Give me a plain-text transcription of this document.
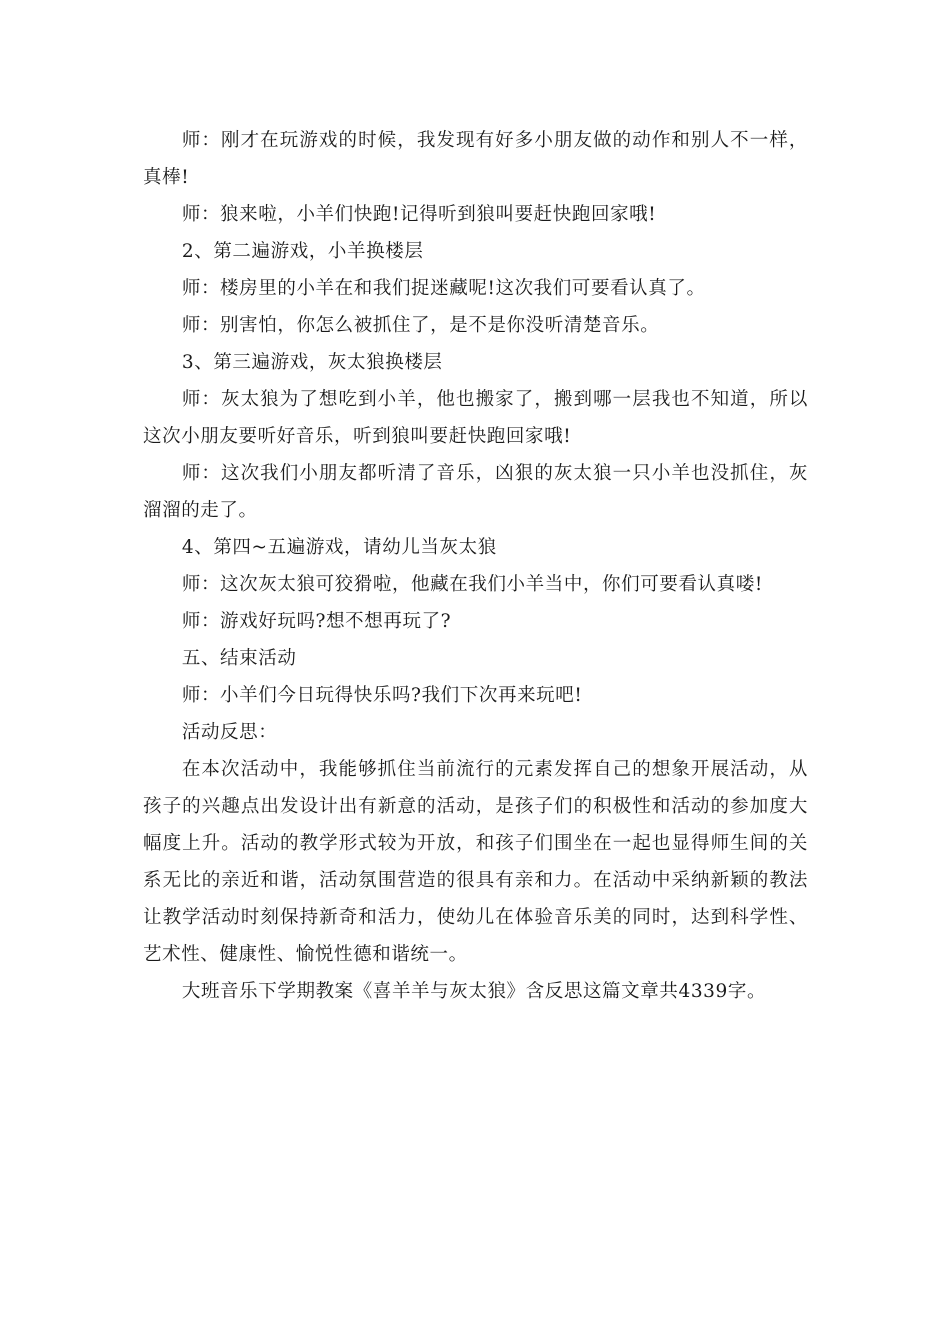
师：刚才在玩游戏的时候，我发现有好多小朋友做的动作和别人不一样，真棒!

师：狼来啦，小羊们快跑!记得听到狼叫要赶快跑回家哦!

2、第二遍游戏，小羊换楼层

师：楼房里的小羊在和我们捉迷藏呢!这次我们可要看认真了。

师：别害怕，你怎么被抓住了，是不是你没听清楚音乐。

3、第三遍游戏，灰太狼换楼层

师：灰太狼为了想吃到小羊，他也搬家了，搬到哪一层我也不知道，所以这次小朋友要听好音乐，听到狼叫要赶快跑回家哦!

师：这次我们小朋友都听清了音乐，凶狠的灰太狼一只小羊也没抓住，灰溜溜的走了。

4、第四~五遍游戏，请幼儿当灰太狼

师：这次灰太狼可狡猾啦，他藏在我们小羊当中，你们可要看认真喽!

师：游戏好玩吗?想不想再玩了?

五、结束活动

师：小羊们今日玩得快乐吗?我们下次再来玩吧!

活动反思：

在本次活动中，我能够抓住当前流行的元素发挥自己的想象开展活动，从孩子的兴趣点出发设计出有新意的活动，是孩子们的积极性和活动的参加度大幅度上升。活动的教学形式较为开放，和孩子们围坐在一起也显得师生间的关系无比的亲近和谐，活动氛围营造的很具有亲和力。在活动中采纳新颖的教法让教学活动时刻保持新奇和活力，使幼儿在体验音乐美的同时，达到科学性、艺术性、健康性、愉悦性德和谐统一。

大班音乐下学期教案《喜羊羊与灰太狼》含反思这篇文章共4339字。
